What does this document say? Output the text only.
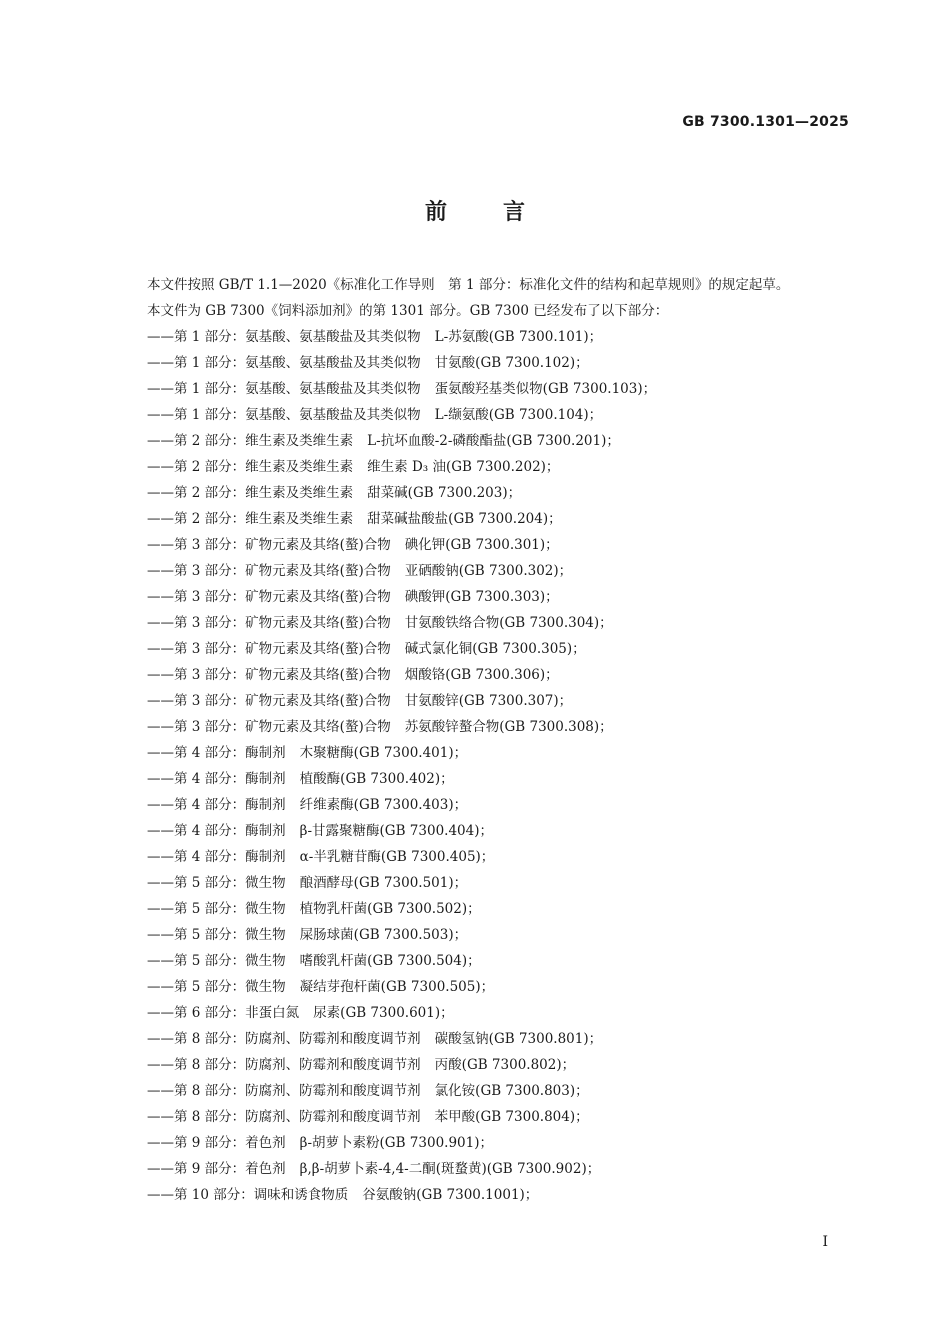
GB 7300.1301—2025
前言

本文件按照 GB/T 1.1—2020《标准化工作导则　第 1 部分：标准化文件的结构和起草规则》的规定起草。

本文件为 GB 7300《饲料添加剂》的第 1301 部分。GB 7300 已经发布了以下部分：

——第 1 部分：氨基酸、氨基酸盐及其类似物 L-苏氨酸(GB 7300.101)；
——第 1 部分：氨基酸、氨基酸盐及其类似物 甘氨酸(GB 7300.102)；
——第 1 部分：氨基酸、氨基酸盐及其类似物 蛋氨酸羟基类似物(GB 7300.103)；
——第 1 部分：氨基酸、氨基酸盐及其类似物 L-缬氨酸(GB 7300.104)；
——第 2 部分：维生素及类维生素 L-抗坏血酸-2-磷酸酯盐(GB 7300.201)；
——第 2 部分：维生素及类维生素 维生素 D₃ 油(GB 7300.202)；
——第 2 部分：维生素及类维生素 甜菜碱(GB 7300.203)；
——第 2 部分：维生素及类维生素 甜菜碱盐酸盐(GB 7300.204)；
——第 3 部分：矿物元素及其络(螯)合物 碘化钾(GB 7300.301)；
——第 3 部分：矿物元素及其络(螯)合物 亚硒酸钠(GB 7300.302)；
——第 3 部分：矿物元素及其络(螯)合物 碘酸钾(GB 7300.303)；
——第 3 部分：矿物元素及其络(螯)合物 甘氨酸铁络合物(GB 7300.304)；
——第 3 部分：矿物元素及其络(螯)合物 碱式氯化铜(GB 7300.305)；
——第 3 部分：矿物元素及其络(螯)合物 烟酸铬(GB 7300.306)；
——第 3 部分：矿物元素及其络(螯)合物 甘氨酸锌(GB 7300.307)；
——第 3 部分：矿物元素及其络(螯)合物 苏氨酸锌螯合物(GB 7300.308)；
——第 4 部分：酶制剂 木聚糖酶(GB 7300.401)；
——第 4 部分：酶制剂 植酸酶(GB 7300.402)；
——第 4 部分：酶制剂 纤维素酶(GB 7300.403)；
——第 4 部分：酶制剂 β-甘露聚糖酶(GB 7300.404)；
——第 4 部分：酶制剂 α-半乳糖苷酶(GB 7300.405)；
——第 5 部分：微生物 酿酒酵母(GB 7300.501)；
——第 5 部分：微生物 植物乳杆菌(GB 7300.502)；
——第 5 部分：微生物 屎肠球菌(GB 7300.503)；
——第 5 部分：微生物 嗜酸乳杆菌(GB 7300.504)；
——第 5 部分：微生物 凝结芽孢杆菌(GB 7300.505)；
——第 6 部分：非蛋白氮 尿素(GB 7300.601)；
——第 8 部分：防腐剂、防霉剂和酸度调节剂 碳酸氢钠(GB 7300.801)；
——第 8 部分：防腐剂、防霉剂和酸度调节剂 丙酸(GB 7300.802)；
——第 8 部分：防腐剂、防霉剂和酸度调节剂 氯化铵(GB 7300.803)；
——第 8 部分：防腐剂、防霉剂和酸度调节剂 苯甲酸(GB 7300.804)；
——第 9 部分：着色剂 β-胡萝卜素粉(GB 7300.901)；
——第 9 部分：着色剂 β,β-胡萝卜素-4,4-二酮(斑蝥黄)(GB 7300.902)；
——第 10 部分：调味和诱食物质 谷氨酸钠(GB 7300.1001)；
I
